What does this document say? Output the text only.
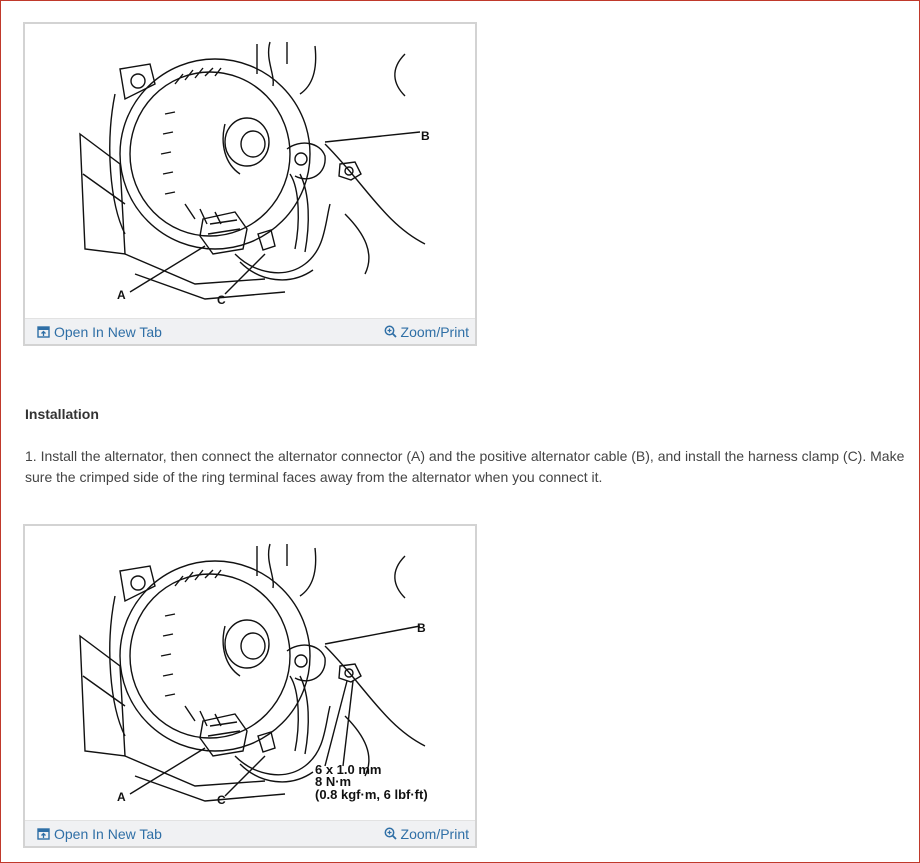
A	C
B
Open In New Tab	Zoom/Print
Installation

1. Install the alternator, then connect the alternator connector (A) and the positive alternator cable (B), and install the harness clamp (C). Make sure the crimped side of the ring terminal faces away from the alternator when you connect it.

A	C
B
6 x 1.0 mm
8 N·m
(0.8 kgf·m, 6 lbf·ft)
Open In New Tab	Zoom/Print
